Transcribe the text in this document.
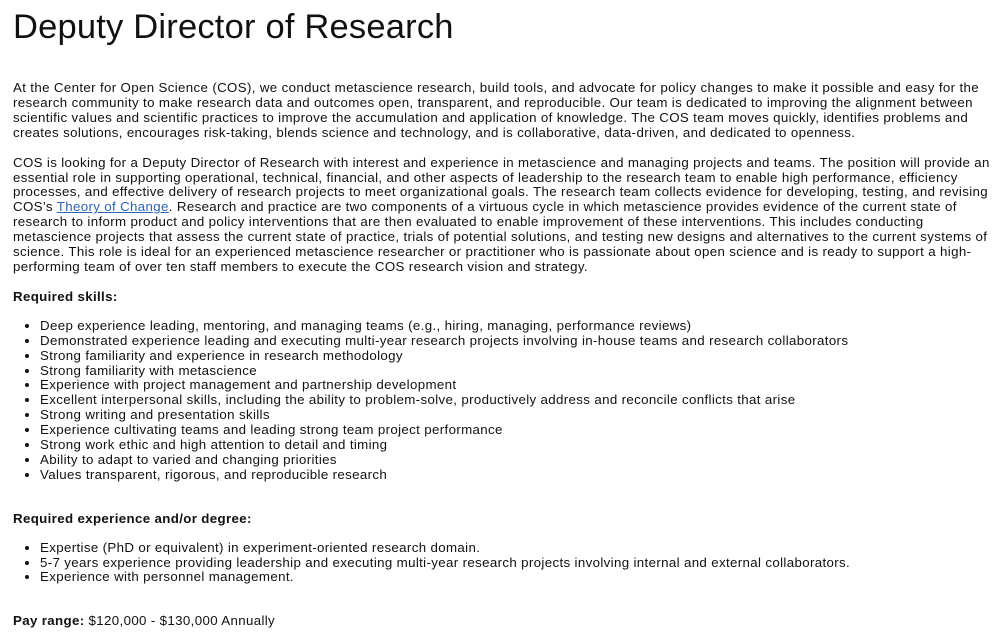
Deputy Director of Research

At the Center for Open Science (COS), we conduct metascience research, build tools, and advocate for policy changes to make it possible and easy for the research community to make research data and outcomes open, transparent, and reproducible. Our team is dedicated to improving the alignment between scientific values and scientific practices to improve the accumulation and application of knowledge. The COS team moves quickly, identifies problems and creates solutions, encourages risk-taking, blends science and technology, and is collaborative, data-driven, and dedicated to openness.

COS is looking for a Deputy Director of Research with interest and experience in metascience and managing projects and teams. The position will provide an essential role in supporting operational, technical, financial, and other aspects of leadership to the research team to enable high performance, efficiency processes, and effective delivery of research projects to meet organizational goals. The research team collects evidence for developing, testing, and revising COS’s Theory of Change. Research and practice are two components of a virtuous cycle in which metascience provides evidence of the current state of research to inform product and policy interventions that are then evaluated to enable improvement of these interventions. This includes conducting metascience projects that assess the current state of practice, trials of potential solutions, and testing new designs and alternatives to the current systems of science. This role is ideal for an experienced metascience researcher or practitioner who is passionate about open science and is ready to support a high-performing team of over ten staff members to execute the COS research vision and strategy.

Required skills:

• Deep experience leading, mentoring, and managing teams (e.g., hiring, managing, performance reviews)
• Demonstrated experience leading and executing multi-year research projects involving in-house teams and research collaborators
• Strong familiarity and experience in research methodology
• Strong familiarity with metascience
• Experience with project management and partnership development
• Excellent interpersonal skills, including the ability to problem-solve, productively address and reconcile conflicts that arise
• Strong writing and presentation skills
• Experience cultivating teams and leading strong team project performance
• Strong work ethic and high attention to detail and timing
• Ability to adapt to varied and changing priorities
• Values transparent, rigorous, and reproducible research

Required experience and/or degree:

• Expertise (PhD or equivalent) in experiment-oriented research domain.
• 5-7 years experience providing leadership and executing multi-year research projects involving internal and external collaborators.
• Experience with personnel management.

Pay range: $120,000 - $130,000 Annually
